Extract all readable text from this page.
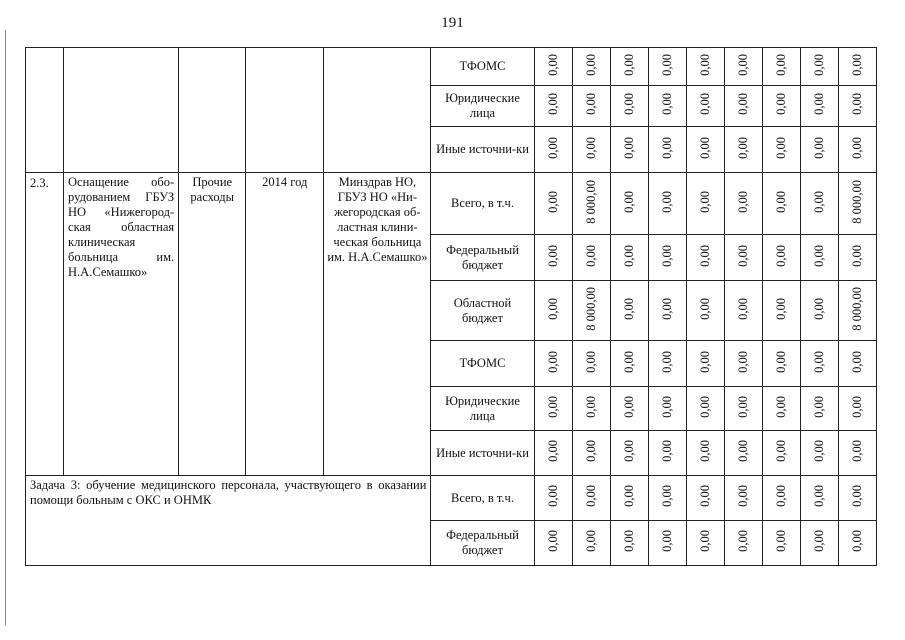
191
					ТФОМС	0,00	0,00	0,00	0,00	0,00	0,00	0,00	0,00	0,00
					Юридические лица	0,00	0,00	0,00	0,00	0,00	0,00	0,00	0,00	0,00
					Иные источни-ки	0,00	0,00	0,00	0,00	0,00	0,00	0,00	0,00	0,00
2.3.	Оснащение обо-рудованием ГБУЗ НО «Нижегород-ская областная клиническая больница им. Н.А.Семашко»	Прочие расходы	2014 год	Минздрав НО, ГБУЗ НО «Ни-жегородская об-ластная клини-ческая больница им. Н.А.Семашко»	Всего, в т.ч.	0,00	8 000,00	0,00	0,00	0,00	0,00	0,00	0,00	8 000,00
					Федеральный бюджет	0,00	0,00	0,00	0,00	0,00	0,00	0,00	0,00	0,00
					Областной бюджет	0,00	8 000,00	0,00	0,00	0,00	0,00	0,00	0,00	8 000,00
					ТФОМС	0,00	0,00	0,00	0,00	0,00	0,00	0,00	0,00	0,00
					Юридические лица	0,00	0,00	0,00	0,00	0,00	0,00	0,00	0,00	0,00
					Иные источни-ки	0,00	0,00	0,00	0,00	0,00	0,00	0,00	0,00	0,00
Задача 3: обучение медицинского персонала, участвующего в оказании помощи больным с ОКС и ОНМК					Всего, в т.ч.	0,00	0,00	0,00	0,00	0,00	0,00	0,00	0,00	0,00
					Федеральный бюджет	0,00	0,00	0,00	0,00	0,00	0,00	0,00	0,00	0,00
